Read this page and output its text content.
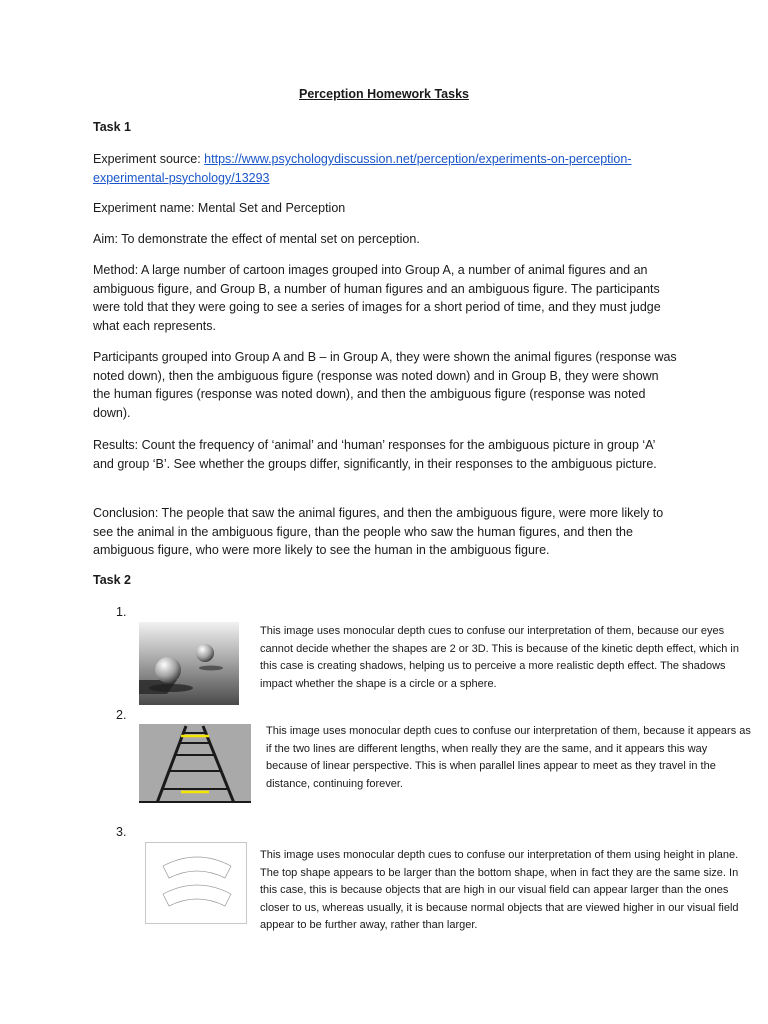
Perception Homework Tasks
Task 1
Experiment source: https://www.psychologydiscussion.net/perception/experiments-on-perception-
experimental-psychology/13293
Experiment name: Mental Set and Perception
Aim: To demonstrate the effect of mental set on perception.
Method: A large number of cartoon images grouped into Group A, a number of animal figures and an ambiguous figure, and Group B, a number of human figures and an ambiguous figure. The participants were told that they were going to see a series of images for a short period of time, and they must judge what each represents.
Participants grouped into Group A and B – in Group A, they were shown the animal figures (response was noted down), then the ambiguous figure (response was noted down) and in Group B, they were shown the human figures (response was noted down), and then the ambiguous figure (response was noted down).
Results: Count the frequency of ‘animal’ and ‘human’ responses for the ambiguous picture in group ‘A’ and group ‘B’. See whether the groups differ, significantly, in their responses to the ambiguous picture.
Conclusion: The people that saw the animal figures, and then the ambiguous figure, were more likely to see the animal in the ambiguous figure, than the people who saw the human figures, and then the ambiguous figure, who were more likely to see the human in the ambiguous figure.
Task 2
1.
This image uses monocular depth cues to confuse our interpretation of them, because our eyes cannot decide whether the shapes are 2 or 3D. This is because of the kinetic depth effect, which in this case is creating shadows, helping us to perceive a more realistic depth effect. The shadows impact whether the shape is a circle or a sphere.
2.
This image uses monocular depth cues to confuse our interpretation of them, because it appears as if the two lines are different lengths, when really they are the same, and it appears this way because of linear perspective. This is when parallel lines appear to meet as they travel in the distance, continuing forever.
3.
This image uses monocular depth cues to confuse our interpretation of them using height in plane. The top shape appears to be larger than the bottom shape, when in fact they are the same size. In this case, this is because objects that are high in our visual field can appear larger than the ones closer to us, whereas usually, it is because normal objects that are viewed higher in our visual field appear to be further away, rather than larger.
